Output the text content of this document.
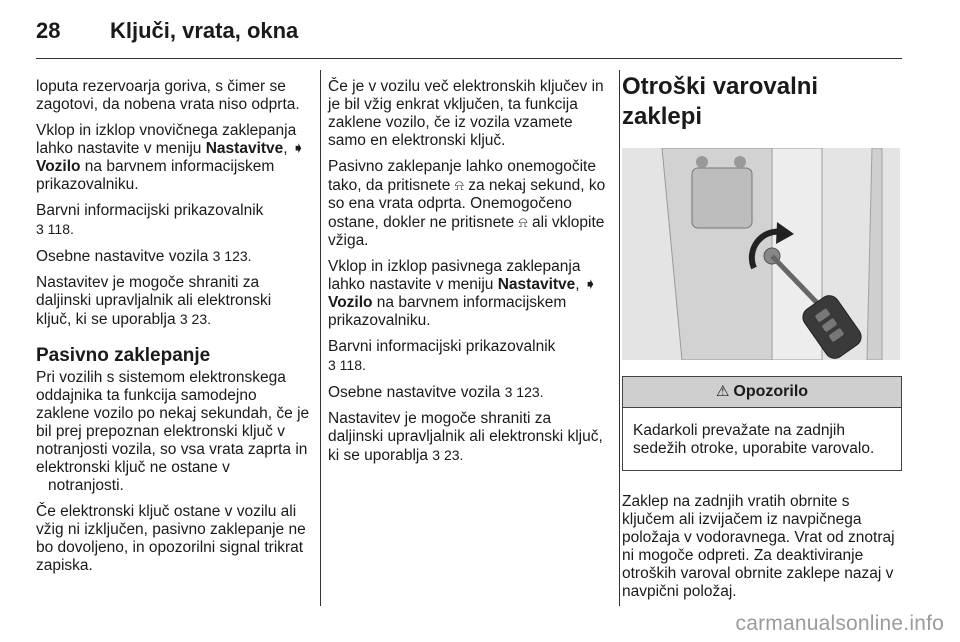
28 Ključi, vrata, okna

loputa rezervoarja goriva, s čimer se zagotovi, da nobena vrata niso odprta.

Vklop in izklop vnovičnega zaklepanja lahko nastavite v meniju Nastavitve, ➧ Vozilo na barvnem informacijskem prikazovalniku.

Barvni informacijski prikazovalnik
3 118.

Osebne nastavitve vozila 3 123.

Nastavitev je mogoče shraniti za daljinski upravljalnik ali elektronski ključ, ki se uporablja 3 23.

Pasivno zaklepanje

Pri vozilih s sistemom elektronskega oddajnika ta funkcija samodejno zaklene vozilo po nekaj sekundah, če je bil prej prepoznan elektronski ključ v notranjosti vozila, so vsa vrata zaprta in elektronski ključ ne ostane v
notranjosti.

Če elektronski ključ ostane v vozilu ali vžig ni izključen, pasivno zaklepanje ne bo dovoljeno, in opozorilni signal trikrat zapiska.

Če je v vozilu več elektronskih ključev in je bil vžig enkrat vključen, ta funkcija zaklene vozilo, če iz vozila vzamete samo en elektronski ključ.

Pasivno zaklepanje lahko onemogočite tako, da pritisnete ⍾ za nekaj sekund, ko so ena vrata odprta. Onemogočeno ostane, dokler ne pritisnete ⍾ ali vklopite vžiga.

Vklop in izklop pasivnega zaklepanja lahko nastavite v meniju Nastavitve, ➧ Vozilo na barvnem informacijskem prikazovalniku.

Barvni informacijski prikazovalnik
3 118.

Osebne nastavitve vozila 3 123.

Nastavitev je mogoče shraniti za daljinski upravljalnik ali elektronski ključ, ki se uporablja 3 23.

Otroški varovalni zaklepi
⚠ Opozorilo
Kadarkoli prevažate na zadnjih sedežih otroke, uporabite varovalo.

Zaklep na zadnjih vratih obrnite s ključem ali izvijačem iz navpičnega položaja v vodoravnega. Vrat od znotraj ni mogoče odpreti. Za deaktiviranje otroških varoval obrnite zaklepe nazaj v navpični položaj.

carmanualsonline.info
